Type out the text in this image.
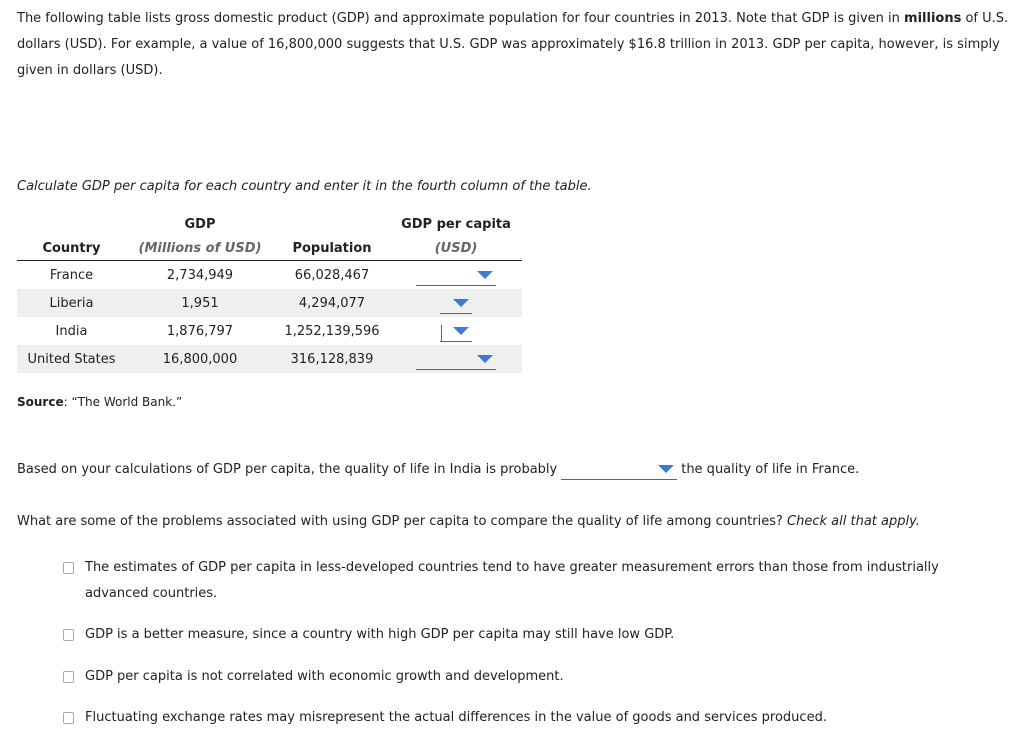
The following table lists gross domestic product (GDP) and approximate population for four countries in 2013. Note that GDP is given in millions of U.S. dollars (USD). For example, a value of 16,800,000 suggests that U.S. GDP was approximately $16.8 trillion in 2013. GDP per capita, however, is simply given in dollars (USD).

Calculate GDP per capita for each country and enter it in the fourth column of the table.

	GDP		GDP per capita
Country	(Millions of USD)	Population	(USD)
France	2,734,949	66,028,467	

Liberia	1,951	4,294,077	

India	1,876,797	1,252,139,596	

United States	16,800,000	316,128,839	

Source: “The World Bank.”

Based on your calculations of GDP per capita, the quality of life in India is probably	the quality of life in France.

What are some of the problems associated with using GDP per capita to compare the quality of life among countries? Check all that apply.

The estimates of GDP per capita in less-developed countries tend to have greater measurement errors than those from industrially advanced countries.
GDP is a better measure, since a country with high GDP per capita may still have low GDP.
GDP per capita is not correlated with economic growth and development.
Fluctuating exchange rates may misrepresent the actual differences in the value of goods and services produced.
